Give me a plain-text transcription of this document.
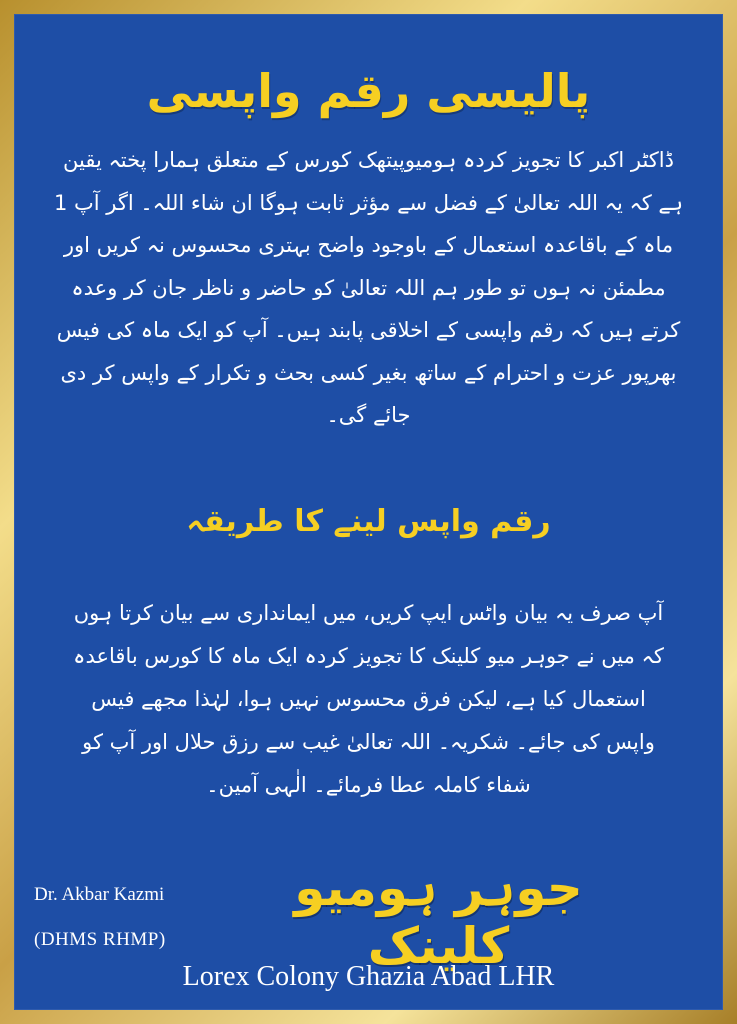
پالیسی رقم واپسی

ڈاکٹر اکبر کا تجویز کردہ ہومیوپیتھک کورس کے متعلق ہمارا پختہ یقین ہے کہ یہ اللہ تعالیٰ کے فضل سے مؤثر ثابت ہوگا ان شاء اللہ۔ اگر آپ 1 ماہ کے باقاعدہ استعمال کے باوجود واضح بہتری محسوس نہ کریں اور مطمئن نہ ہوں تو طور ہم اللہ تعالیٰ کو حاضر و ناظر جان کر وعدہ کرتے ہیں کہ رقم واپسی کے اخلاقی پابند ہیں۔ آپ کو ایک ماہ کی فیس بھرپور عزت و احترام کے ساتھ بغیر کسی بحث و تکرار کے واپس کر دی جائے گی۔

رقم واپس لینے کا طریقہ

آپ صرف یہ بیان واٹس ایپ کریں، میں ایمانداری سے بیان کرتا ہوں کہ میں نے جوہر میو کلینک کا تجویز کردہ ایک ماہ کا کورس باقاعدہ استعمال کیا ہے، لیکن فرق محسوس نہیں ہوا، لہٰذا مجھے فیس واپس کی جائے۔ شکریہ۔ اللہ تعالیٰ غیب سے رزق حلال اور آپ کو شفاء کاملہ عطا فرمائے۔ الٰہی آمین۔

جوہر ہومیو کلینک

Dr. Akbar Kazmi

(DHMS RHMP)

Lorex Colony Ghazia Abad LHR
